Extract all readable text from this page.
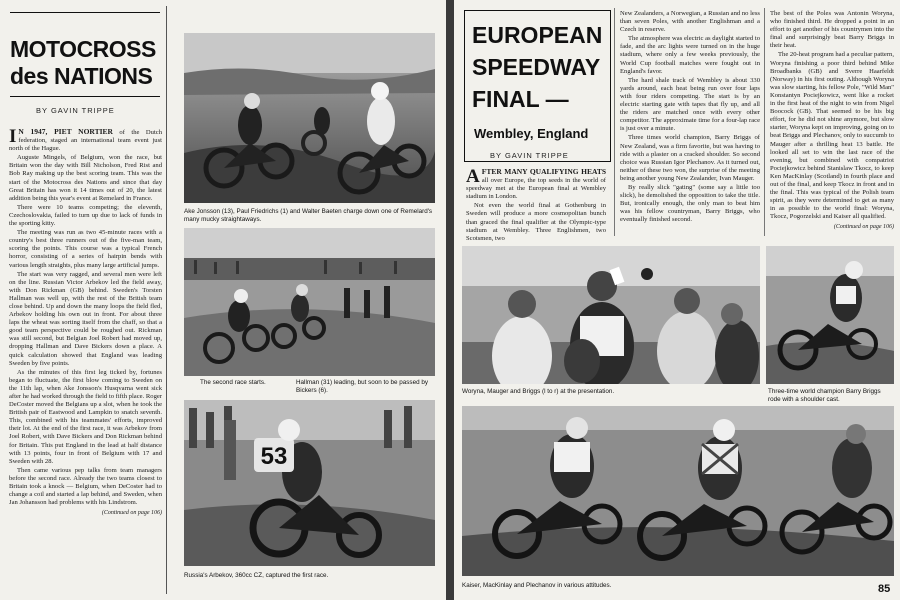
MOTOCROSS
des NATIONS
BY GAVIN TRIPPE

I N 1947, PIET NORTIER of the Dutch federation, staged an international team event just north of the Hague.

Auguste Mingels, of Belgium, won the race, but Britain won the day with Bill Nicholson, Fred Rist and Bob Ray making up the best scoring team. This was the start of the Motocross des Nations and since that day Great Britain has won it 14 times out of 20, the latest addition being this year's event at Remelard in France.

There were 10 teams competing; the eleventh, Czechoslovakia, failed to turn up due to lack of funds in the sporting kitty.

The meeting was run as two 45-minute races with a country's best three runners out of the five-man team, scoring the points. This course was a typical French horror, consisting of a series of hairpin bends with various length straights, plus many large artificial jumps.

The start was very ragged, and several men were left on the line. Russian Victor Arbekov led the field away, with Don Rickman (GB) behind. Sweden's Torsten Hallman was well up, with the rest of the British team close behind. Up and down the many loops the field fled, Arbekov holding his own out in front. For about three laps the wheat was sorting itself from the chaff, so that a good team perspective could be roughed out. Rickman was still second, but Belgian Joel Robert had moved up, dropping Hallman and Dave Bickers down a place. A quick calculation showed that England was leading Sweden by five points.

As the minutes of this first leg ticked by, fortunes began to fluctuate, the first blow coming to Sweden on the 11th lap, when Ake Jonsson's Husqvarna went sick after he had worked through the field to fifth place. Roger DeCoster moved the Belgians up a slot, when he took the British pair of Eastwood and Lampkin to snatch seventh. This, combined with his teammates' efforts, improved their lot. At the end of the first race, it was Arbekov from Joel Robert, with Dave Bickers and Don Rickman behind for Britain. This put England in the lead at half distance with 13 points, four in front of Belgium with 17 and Sweden with 28.

Then came various pep talks from team managers before the second race. Already the two teams closest to Britain took a knock — Belgium, when DeCoster had to change a coil and started a lap behind, and Sweden, when Jan Johansson had problems with his Lindstrom.

(Continued on page 106)
Ake Jonsson (13), Paul Friedrichs (1) and Walter Baeten charge down one of Remelard's many mucky straightaways.
The second race starts.	Hallman (31) leading, but soon to be passed by Bickers (6).
53
Russia's Arbekov, 360cc CZ, captured the first race.
EUROPEAN
SPEEDWAY
FINAL —
Wembley, England
BY GAVIN TRIPPE

AFTER MANY QUALIFYING HEATS all over Europe, the top seeds in the world of speedway met at the European final at Wembley stadium in London.

Not even the world final at Gothenburg in Sweden will produce a more cosmopolitan bunch than graced the final qualifier at the Olympic-type stadium at Wembley. Three Englishmen, two Scotsmen, two

New Zealanders, a Norwegian, a Russian and no less than seven Poles, with another Englishman and a Czech in reserve.

The atmosphere was electric as daylight started to fade, and the arc lights were turned on in the huge stadium, where only a few weeks previously, the World Cup football matches were fought out in England's favor.

The hard shale track of Wembley is about 330 yards around, each heat being run over four laps with four riders competing. The start is by an electric starting gate with tapes that fly up, and all the riders are matched once with every other competitor. The approximate time for a four-lap race is just over a minute.

Three times world champion, Barry Briggs of New Zealand, was a firm favorite, but was having to ride with a plaster on a cracked shoulder. So second choice was Russian Igor Plechanov. As it turned out, neither of these two won, the surprise of the meeting being another young New Zealander, Ivan Mauger.

By really slick "gating" (some say a little too slick), he demolished the opposition to take the title. But, ironically enough, the only man to beat him was his fellow countryman, Barry Briggs, who eventually finished second.

The best of the Poles was Antonin Woryna, who finished third. He dropped a point in an effort to get another of his countrymen into the final and surprisingly beat Barry Briggs in their heat.

The 20-heat program had a peculiar pattern, Woryna finishing a poor third behind Mike Broadbanks (GB) and Sverre Haarfeldt (Norway) in his first outing. Although Woryna was slow starting, his fellow Pole, "Wild Man" Konstantyn Pociejkowicz, went like a rocket in the first heat of the night to win from Nigel Boocock (GB). That seemed to be his big effort, for he did not shine anymore, but slow starter, Woryna kept on improving, going on to beat Briggs and Plechanov, only to succumb to Mauger after a thrilling heat 13 battle. He looked all set to win the last race of the evening, but combined with compatriot Pociejkowicz behind Stanislaw Tkocz, to keep Ken MacKinlay (Scotland) in fourth place and out of the final, and keep Tkocz in front and in the final. This was typical of the Polish team spirit, as they were determined to get as many in as possible to the world final: Woryna, Tkocz, Pogorzelski and Kaiser all qualified.

(Continued on page 106)
Woryna, Mauger and Briggs (l to r) at the presentation.	Three-time world champion Barry Briggs rode with a shoulder cast.
Kaiser, MacKinlay and Plechanov in various attitudes.	85
